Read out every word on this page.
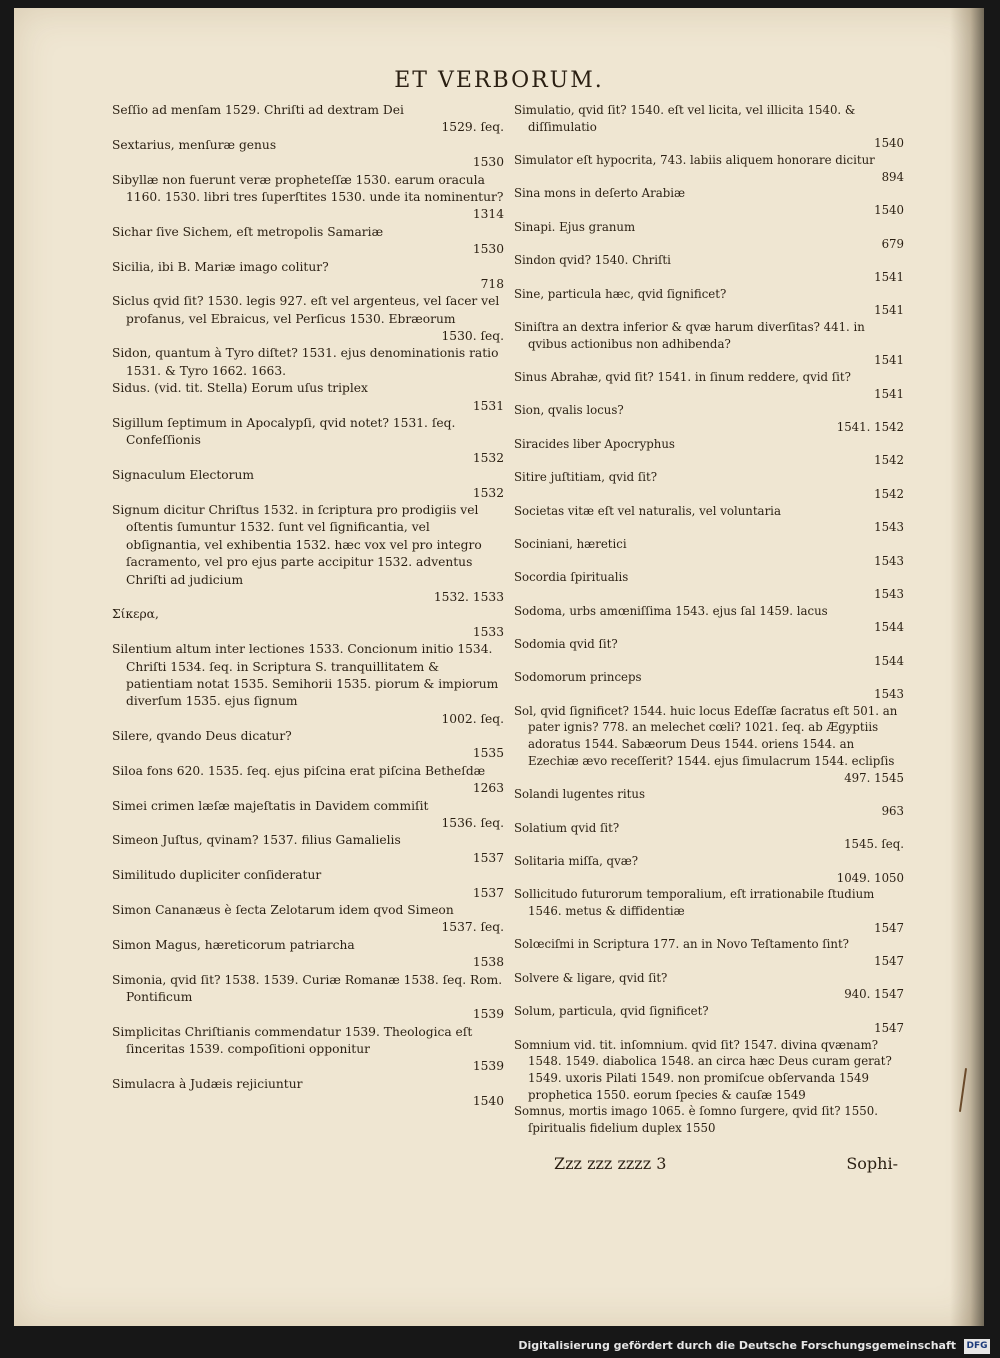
ET VERBORUM.

Seſſio ad menſam 1529. Chriſti ad dextram Dei
1529. ſeq.

Sextarius, menſuræ genus
1530

Sibyllæ non fuerunt veræ propheteſſæ 1530. earum oracula 1160. 1530. libri tres ſuperſtites 1530. unde ita nominentur?
1314

Sichar ſive Sichem, eſt metropolis Samariæ
1530

Sicilia, ibi B. Mariæ imago colitur?
718

Siclus qvid ſit? 1530. legis 927. eſt vel argenteus, vel ſacer vel profanus, vel Ebraicus, vel Perſicus 1530. Ebræorum
1530. ſeq.

Sidon, quantum à Tyro diſtet? 1531. ejus denominationis ratio 1531. & Tyro 1662. 1663.

Sidus. (vid. tit. Stella) Eorum uſus triplex
1531

Sigillum ſeptimum in Apocalypſi, qvid notet? 1531. ſeq. Confeſſionis
1532

Signaculum Electorum
1532

Signum dicitur Chriſtus 1532. in ſcriptura pro prodigiis vel oſtentis ſumuntur 1532. ſunt vel ſignificantia, vel obſignantia, vel exhibentia 1532. hæc vox vel pro integro ſacramento, vel pro ejus parte accipitur 1532. adventus Chriſti ad judicium
1532. 1533

Σίκερα,
1533

Silentium altum inter lectiones 1533. Concionum initio 1534. Chriſti 1534. ſeq. in Scriptura S. tranquillitatem & patientiam notat 1535. Semihorii 1535. piorum & impiorum diverſum 1535. ejus ſignum
1002. ſeq.

Silere, qvando Deus dicatur?
1535

Siloa fons 620. 1535. ſeq. ejus piſcina erat piſcina Betheſdæ
1263

Simei crimen læſæ majeſtatis in Davidem commiſit
1536. ſeq.

Simeon Juſtus, qvinam? 1537. filius Gamalielis
1537

Similitudo dupliciter conſideratur
1537

Simon Cananæus è ſecta Zelotarum idem qvod Simeon
1537. ſeq.

Simon Magus, hæreticorum patriarcha
1538

Simonia, qvid ſit? 1538. 1539. Curiæ Romanæ 1538. ſeq. Rom. Pontificum
1539

Simplicitas Chriſtianis commendatur 1539. Theologica eſt ſinceritas 1539. compoſitioni opponitur
1539

Simulacra à Judæis rejiciuntur
1540

Simulatio, qvid ſit? 1540. eſt vel licita, vel illicita 1540. & diſſimulatio
1540

Simulator eſt hypocrita, 743. labiis aliquem honorare dicitur
894

Sina mons in deſerto Arabiæ
1540

Sinapi. Ejus granum
679

Sindon qvid? 1540. Chriſti
1541

Sine, particula hæc, qvid ſignificet?
1541

Siniſtra an dextra inferior & qvæ harum diverſitas? 441. in qvibus actionibus non adhibenda?
1541

Sinus Abrahæ, qvid ſit? 1541. in ſinum reddere, qvid ſit?
1541

Sion, qvalis locus?
1541. 1542

Siracides liber Apocryphus
1542

Sitire juſtitiam, qvid ſit?
1542

Societas vitæ eſt vel naturalis, vel voluntaria
1543

Sociniani, hæretici
1543

Socordia ſpiritualis
1543

Sodoma, urbs amœniſſima 1543. ejus ſal 1459. lacus
1544

Sodomia qvid ſit?
1544

Sodomorum princeps
1543

Sol, qvid ſignificet? 1544. huic locus Edeſſæ ſacratus eſt 501. an pater ignis? 778. an melechet cœli? 1021. ſeq. ab Ægyptiis adoratus 1544. Sabæorum Deus 1544. oriens 1544. an Ezechiæ ævo receſſerit? 1544. ejus ſimulacrum 1544. eclipſis
497. 1545

Solandi lugentes ritus
963

Solatium qvid ſit?
1545. ſeq.

Solitaria miſſa, qvæ?
1049. 1050

Sollicitudo futurorum temporalium, eſt irrationabile ſtudium 1546. metus & diffidentiæ
1547

Solœciſmi in Scriptura 177. an in Novo Teſtamento ſint?
1547

Solvere & ligare, qvid ſit?
940. 1547

Solum, particula, qvid ſignificet?
1547

Somnium vid. tit. inſomnium. qvid ſit? 1547. divina qvænam? 1548. 1549. diabolica 1548. an circa hæc Deus curam gerat? 1549. uxoris Pilati 1549. non promiſcue obſervanda 1549 prophetica 1550. eorum ſpecies & cauſæ 1549

Somnus, mortis imago 1065. è ſomno ſurgere, qvid ſit? 1550. ſpiritualis fidelium duplex 1550

Zzz zzz zzzz 3	Sophi-
Digitalisierung gefördert durch die Deutsche Forschungsgemeinschaft DFG
